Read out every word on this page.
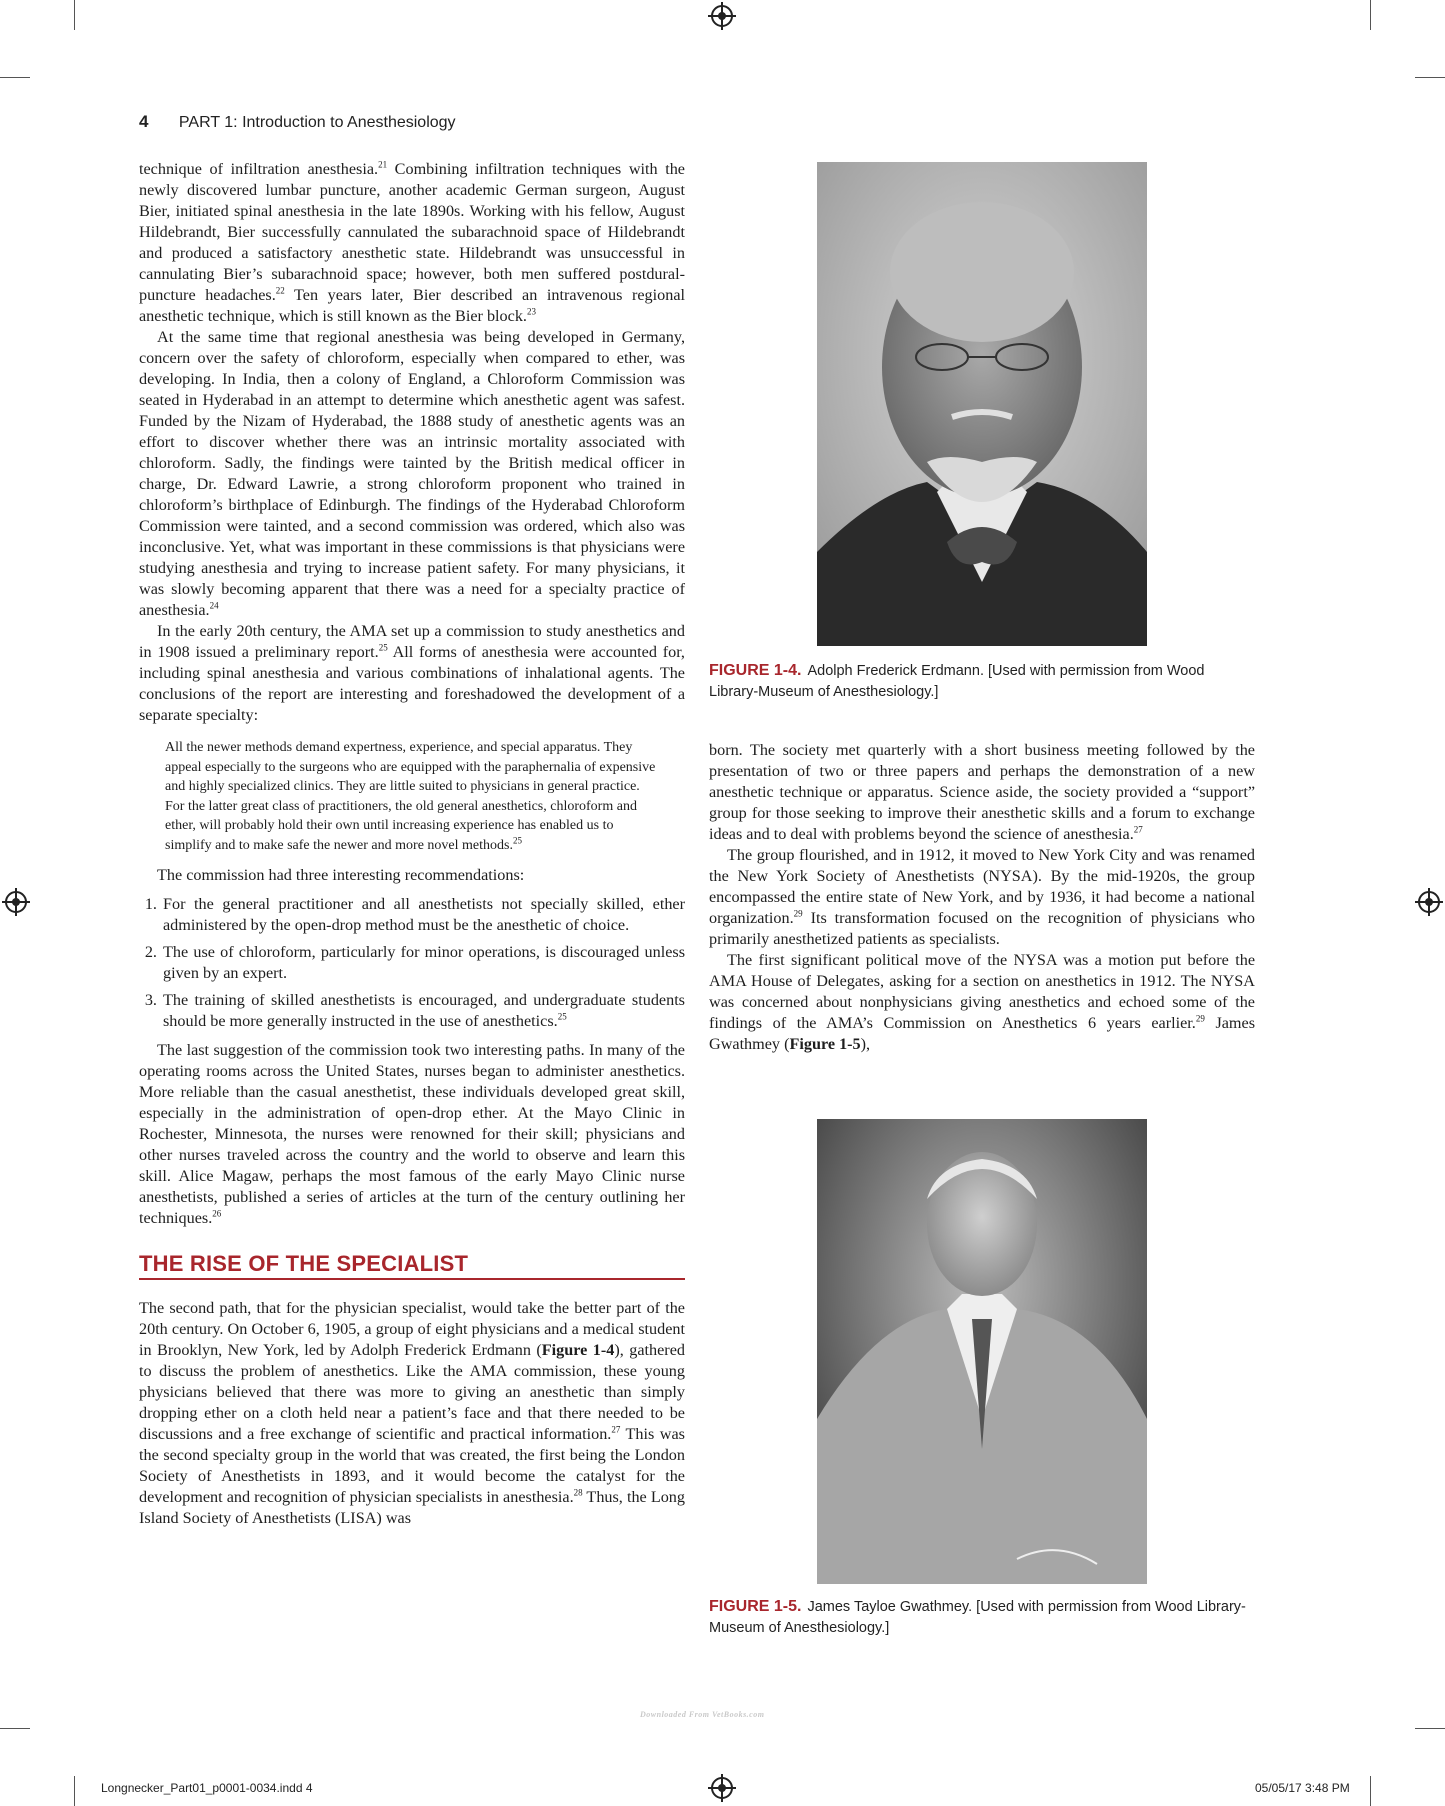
4 PART 1: Introduction to Anesthesiology

technique of infiltration anesthesia.$^{21}$ Combining infiltration techniques with the newly discovered lumbar puncture, another academic German surgeon, August Bier, initiated spinal anesthesia in the late 1890s. Working with his fellow, August Hildebrandt, Bier successfully cannulated the subarachnoid space of Hildebrandt and produced a satisfactory anesthetic state. Hildebrandt was unsuccessful in cannulating Bier’s subarachnoid space; however, both men suffered postdural-puncture headaches.$^{22}$ Ten years later, Bier described an intravenous regional anesthetic technique, which is still known as the Bier block.$^{23}$

At the same time that regional anesthesia was being developed in Germany, concern over the safety of chloroform, especially when compared to ether, was developing. In India, then a colony of England, a Chloroform Commission was seated in Hyderabad in an attempt to determine which anesthetic agent was safest. Funded by the Nizam of Hyderabad, the 1888 study of anesthetic agents was an effort to discover whether there was an intrinsic mortality associated with chloroform. Sadly, the findings were tainted by the British medical officer in charge, Dr. Edward Lawrie, a strong chloroform proponent who trained in chloroform’s birthplace of Edinburgh. The findings of the Hyderabad Chloroform Commission were tainted, and a second commission was ordered, which also was inconclusive. Yet, what was important in these commissions is that physicians were studying anesthesia and trying to increase patient safety. For many physicians, it was slowly becoming apparent that there was a need for a specialty practice of anesthesia.$^{24}$

In the early 20th century, the AMA set up a commission to study anesthetics and in 1908 issued a preliminary report.$^{25}$ All forms of anesthesia were accounted for, including spinal anesthesia and various combinations of inhalational agents. The conclusions of the report are interesting and foreshadowed the development of a separate specialty:

All the newer methods demand expertness, experience, and special apparatus. They appeal especially to the surgeons who are equipped with the paraphernalia of expensive and highly specialized clinics. They are little suited to physicians in general practice. For the latter great class of practitioners, the old general anesthetics, chloroform and ether, will probably hold their own until increasing experience has enabled us to simplify and to make safe the newer and more novel methods.$^{25}$

The commission had three interesting recommendations:

1. For the general practitioner and all anesthetists not specially skilled, ether administered by the open-drop method must be the anesthetic of choice.
2. The use of chloroform, particularly for minor operations, is discouraged unless given by an expert.
3. The training of skilled anesthetists is encouraged, and undergraduate students should be more generally instructed in the use of anesthetics.$^{25}$

The last suggestion of the commission took two interesting paths. In many of the operating rooms across the United States, nurses began to administer anesthetics. More reliable than the casual anesthetist, these individuals developed great skill, especially in the administration of open-drop ether. At the Mayo Clinic in Rochester, Minnesota, the nurses were renowned for their skill; physicians and other nurses traveled across the country and the world to observe and learn this skill. Alice Magaw, perhaps the most famous of the early Mayo Clinic nurse anesthetists, published a series of articles at the turn of the century outlining her techniques.$^{26}$

THE RISE OF THE SPECIALIST

The second path, that for the physician specialist, would take the better part of the 20th century. On October 6, 1905, a group of eight physicians and a medical student in Brooklyn, New York, led by Adolph Frederick Erdmann (Figure 1-4), gathered to discuss the problem of anesthetics. Like the AMA commission, these young physicians believed that there was more to giving an anesthetic than simply dropping ether on a cloth held near a patient’s face and that there needed to be discussions and a free exchange of scientific and practical information.$^{27}$ This was the second specialty group in the world that was created, the first being the London Society of Anesthetists in 1893, and it would become the catalyst for the development and recognition of physician specialists in anesthesia.$^{28}$ Thus, the Long Island Society of Anesthetists (LISA) was

FIGURE 1-4. Adolph Frederick Erdmann. [Used with permission from Wood Library-Museum of Anesthesiology.]

born. The society met quarterly with a short business meeting followed by the presentation of two or three papers and perhaps the demonstration of a new anesthetic technique or apparatus. Science aside, the society provided a “support” group for those seeking to improve their anesthetic skills and a forum to exchange ideas and to deal with problems beyond the science of anesthesia.$^{27}$

The group flourished, and in 1912, it moved to New York City and was renamed the New York Society of Anesthetists (NYSA). By the mid-1920s, the group encompassed the entire state of New York, and by 1936, it had become a national organization.$^{29}$ Its transformation focused on the recognition of physicians who primarily anesthetized patients as specialists.

The first significant political move of the NYSA was a motion put before the AMA House of Delegates, asking for a section on anesthetics in 1912. The NYSA was concerned about nonphysicians giving anesthetics and echoed some of the findings of the AMA’s Commission on Anesthetics 6 years earlier.$^{29}$ James Gwathmey (Figure 1-5),

FIGURE 1-5. James Tayloe Gwathmey. [Used with permission from Wood Library-Museum of Anesthesiology.]
Downloaded From VetBooks.com
Longnecker_Part01_p0001-0034.indd 4	05/05/17 3:48 PM
